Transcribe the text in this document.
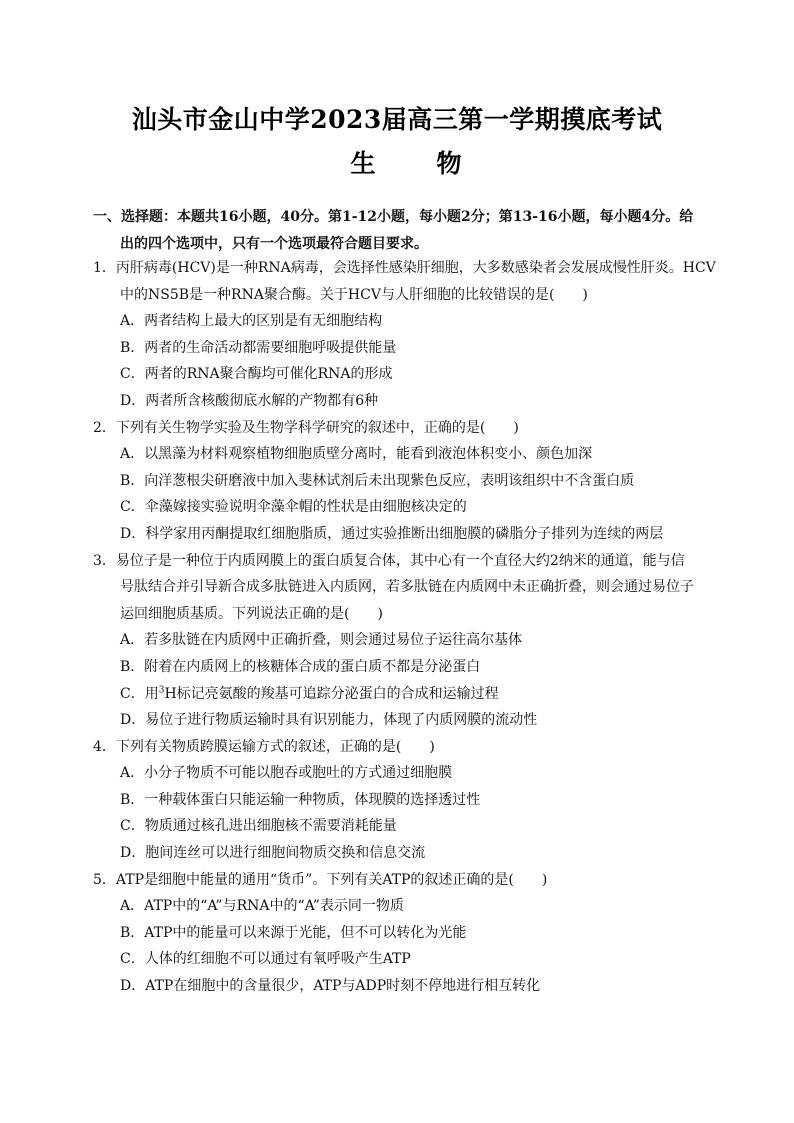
汕头市金山中学2023届高三第一学期摸底考试
生　物
一、选择题：本题共16小题，40分。第1-12小题，每小题2分；第13-16小题，每小题4分。给
出的四个选项中，只有一个选项最符合题目要求。
1．丙肝病毒(HCV)是一种RNA病毒，会选择性感染肝细胞，大多数感染者会发展成慢性肝炎。HCV
中的NS5B是一种RNA聚合酶。关于HCV与人肝细胞的比较错误的是(　　)
A．两者结构上最大的区别是有无细胞结构
B．两者的生命活动都需要细胞呼吸提供能量
C．两者的RNA聚合酶均可催化RNA的形成
D．两者所含核酸彻底水解的产物都有6种
2．下列有关生物学实验及生物学科学研究的叙述中，正确的是(　　)
A．以黑藻为材料观察植物细胞质壁分离时，能看到液泡体积变小、颜色加深
B．向洋葱根尖研磨液中加入斐林试剂后未出现紫色反应，表明该组织中不含蛋白质
C．伞藻嫁接实验说明伞藻伞帽的性状是由细胞核决定的
D．科学家用丙酮提取红细胞脂质，通过实验推断出细胞膜的磷脂分子排列为连续的两层
3．易位子是一种位于内质网膜上的蛋白质复合体，其中心有一个直径大约2纳米的通道，能与信
号肽结合并引导新合成多肽链进入内质网，若多肽链在内质网中未正确折叠，则会通过易位子
运回细胞质基质。下列说法正确的是(　　)
A．若多肽链在内质网中正确折叠，则会通过易位子运往高尔基体
B．附着在内质网上的核糖体合成的蛋白质不都是分泌蛋白
C．用$^3$H标记亮氨酸的羧基可追踪分泌蛋白的合成和运输过程
D．易位子进行物质运输时具有识别能力，体现了内质网膜的流动性
4．下列有关物质跨膜运输方式的叙述，正确的是(　　)
A．小分子物质不可能以胞吞或胞吐的方式通过细胞膜
B．一种载体蛋白只能运输一种物质，体现膜的选择透过性
C．物质通过核孔进出细胞核不需要消耗能量
D．胞间连丝可以进行细胞间物质交换和信息交流
5．ATP是细胞中能量的通用“货币”。下列有关ATP的叙述正确的是(　　)
A．ATP中的“A”与RNA中的“A”表示同一物质
B．ATP中的能量可以来源于光能，但不可以转化为光能
C．人体的红细胞不可以通过有氧呼吸产生ATP
D．ATP在细胞中的含量很少，ATP与ADP时刻不停地进行相互转化
